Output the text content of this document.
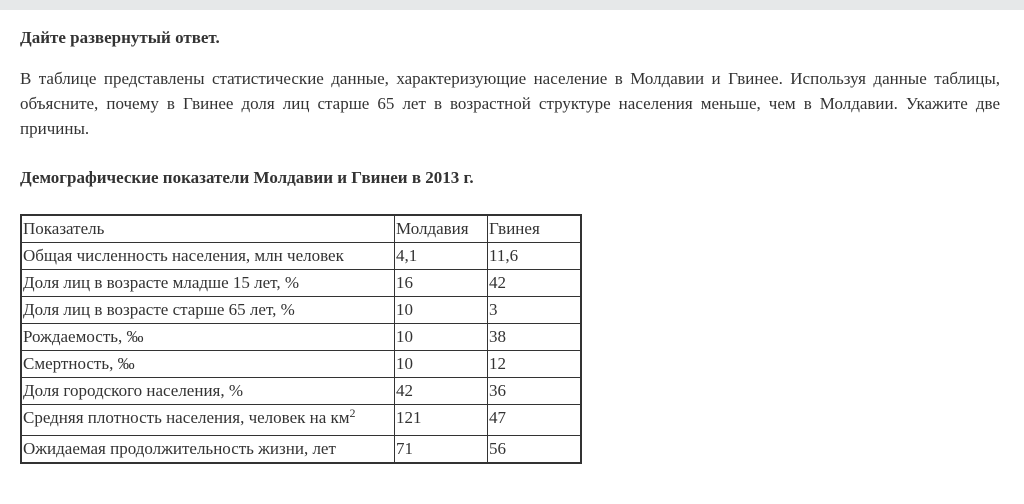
Дайте развернутый ответ.
В таблице представлены статистические данные, характеризующие население в Молдавии и Гвинее. Используя данные таблицы, объясните, почему в Гвинее доля лиц старше 65 лет в возрастной структуре населения меньше, чем в Молдавии. Укажите две причины.
Демографические показатели Молдавии и Гвинеи в 2013 г.
Показатель	Молдавия	Гвинея
Общая численность населения, млн человек	4,1	11,6
Доля лиц в возрасте младше 15 лет, %	16	42
Доля лиц в возрасте старше 65 лет, %	10	3
Рождаемость, ‰	10	38
Смертность, ‰	10	12
Доля городского населения, %	42	36
Средняя плотность населения, человек на $км^2$	121	47
Ожидаемая продолжительность жизни, лет	71	56
